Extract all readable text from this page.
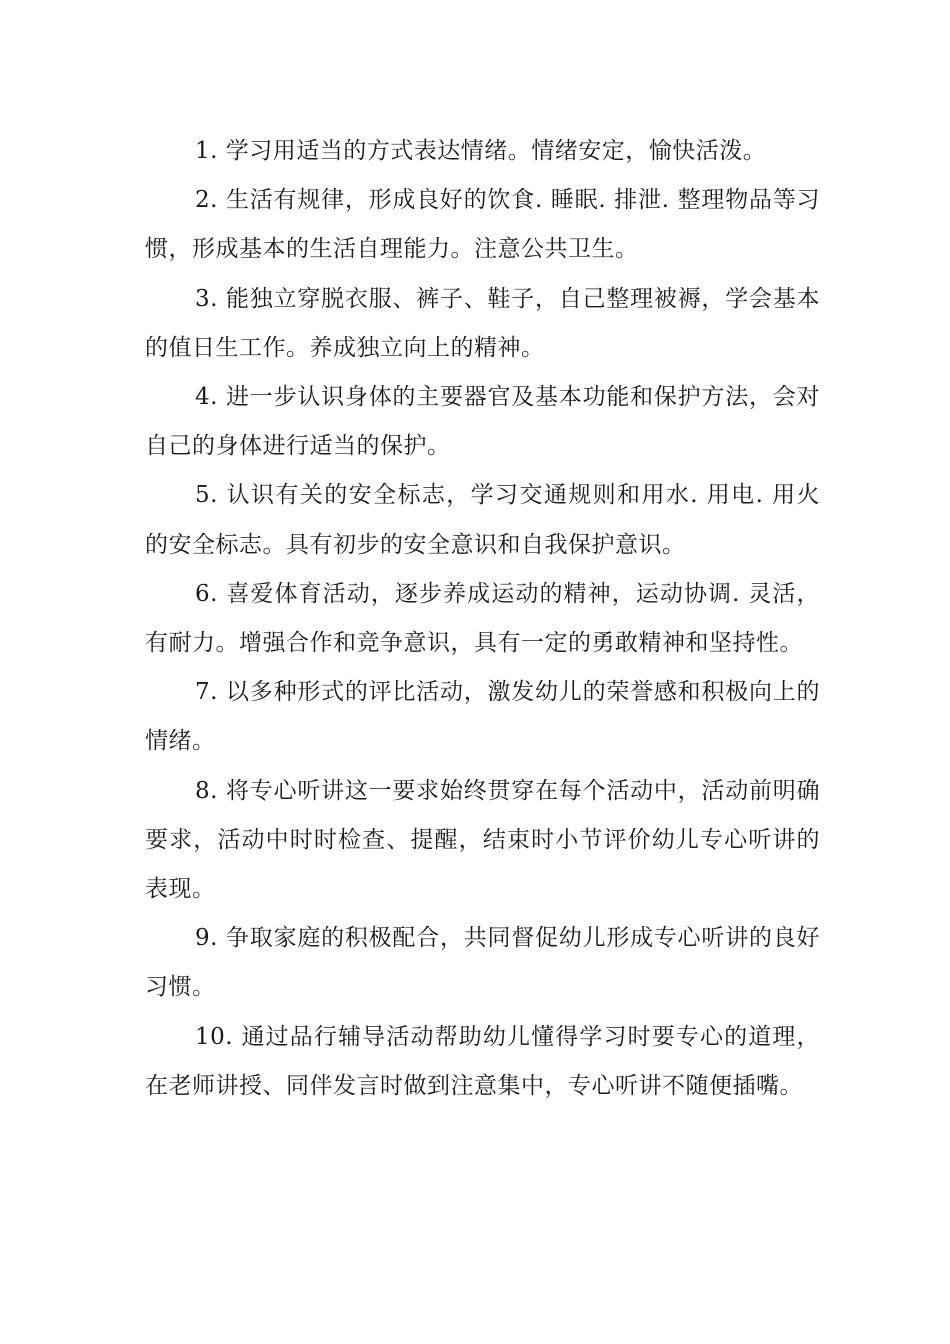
1. 学习用适当的方式表达情绪。情绪安定，愉快活泼。

2. 生活有规律，形成良好的饮食. 睡眠. 排泄. 整理物品等习惯，形成基本的生活自理能力。注意公共卫生。

3. 能独立穿脱衣服、裤子、鞋子，自己整理被褥，学会基本的值日生工作。养成独立向上的精神。

4. 进一步认识身体的主要器官及基本功能和保护方法，会对自己的身体进行适当的保护。

5. 认识有关的安全标志，学习交通规则和用水. 用电. 用火的安全标志。具有初步的安全意识和自我保护意识。

6. 喜爱体育活动，逐步养成运动的精神，运动协调. 灵活，有耐力。增强合作和竞争意识，具有一定的勇敢精神和坚持性。

7. 以多种形式的评比活动，激发幼儿的荣誉感和积极向上的情绪。

8. 将专心听讲这一要求始终贯穿在每个活动中，活动前明确要求，活动中时时检查、提醒，结束时小节评价幼儿专心听讲的表现。

9. 争取家庭的积极配合，共同督促幼儿形成专心听讲的良好习惯。

10. 通过品行辅导活动帮助幼儿懂得学习时要专心的道理，在老师讲授、同伴发言时做到注意集中，专心听讲不随便插嘴。
